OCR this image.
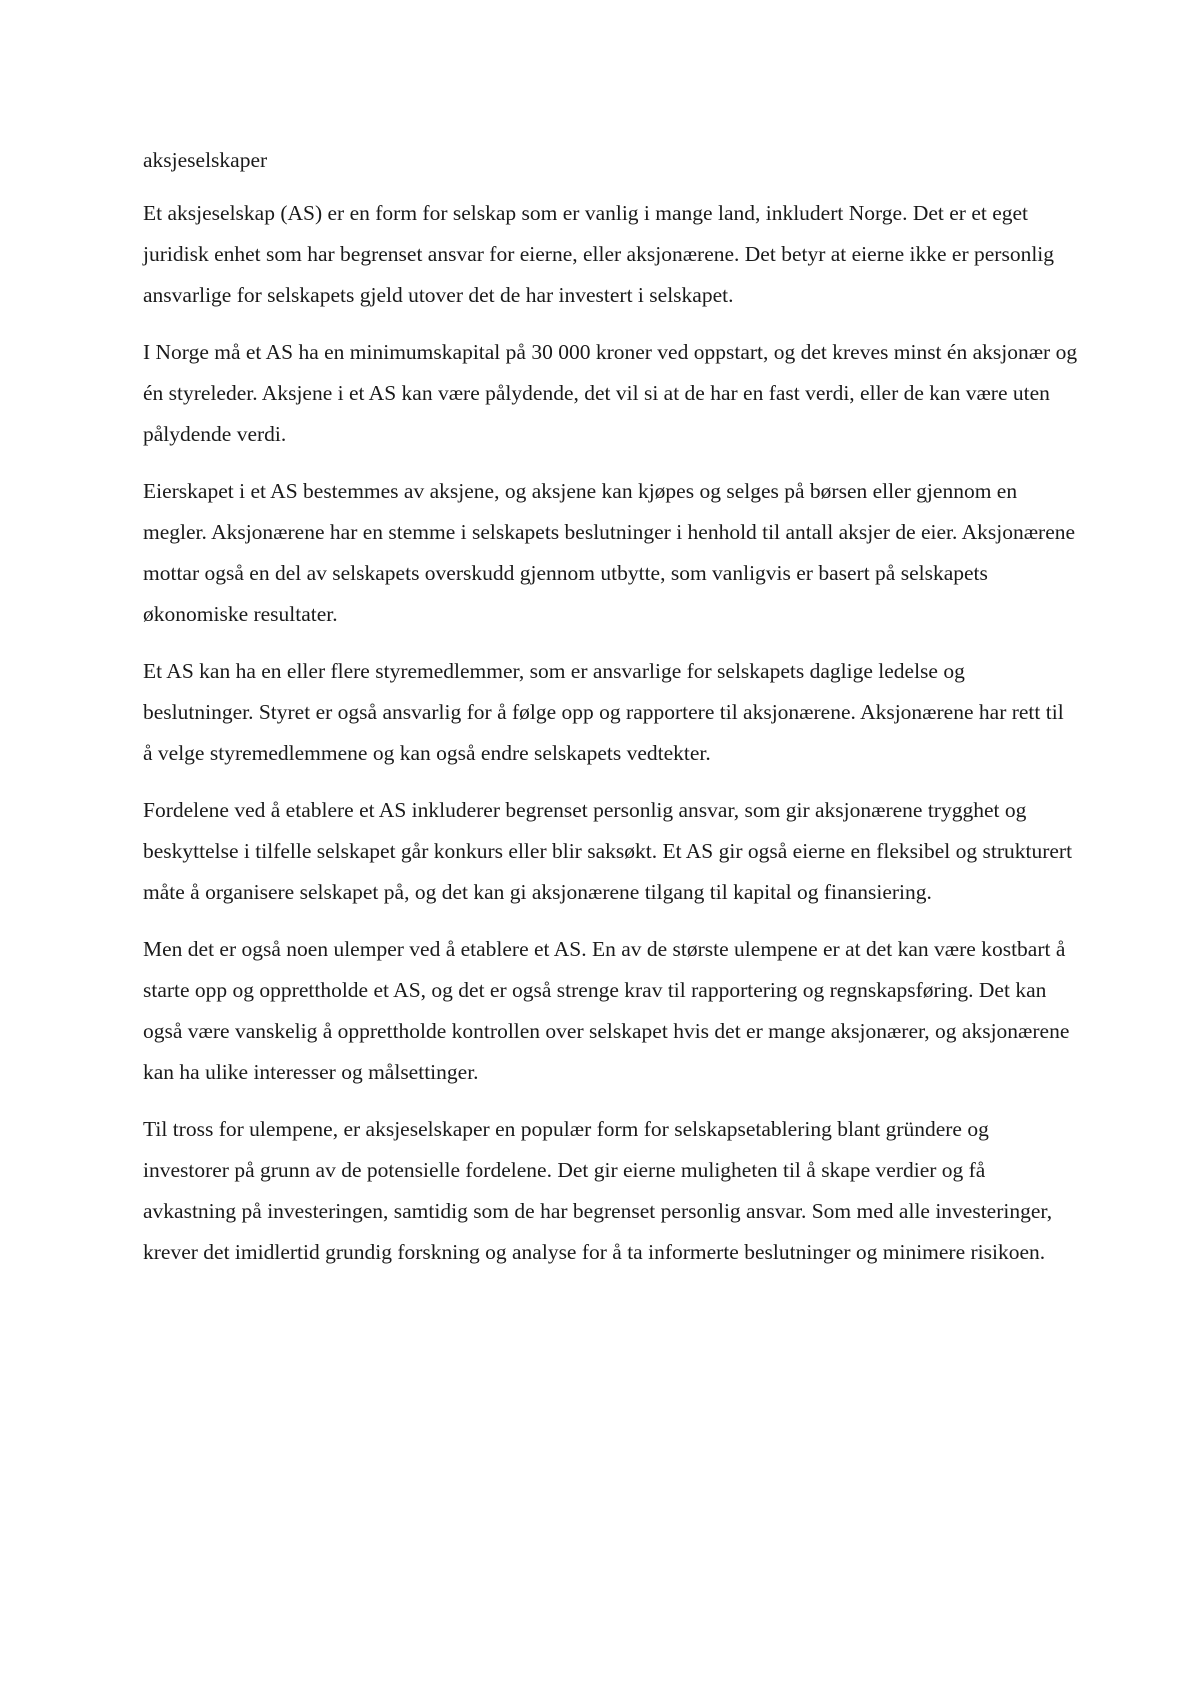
aksjeselskaper

Et aksjeselskap (AS) er en form for selskap som er vanlig i mange land, inkludert Norge. Det er et eget juridisk enhet som har begrenset ansvar for eierne, eller aksjonærene. Det betyr at eierne ikke er personlig ansvarlige for selskapets gjeld utover det de har investert i selskapet.

I Norge må et AS ha en minimumskapital på 30 000 kroner ved oppstart, og det kreves minst én aksjonær og én styreleder. Aksjene i et AS kan være pålydende, det vil si at de har en fast verdi, eller de kan være uten pålydende verdi.

Eierskapet i et AS bestemmes av aksjene, og aksjene kan kjøpes og selges på børsen eller gjennom en megler. Aksjonærene har en stemme i selskapets beslutninger i henhold til antall aksjer de eier. Aksjonærene mottar også en del av selskapets overskudd gjennom utbytte, som vanligvis er basert på selskapets økonomiske resultater.

Et AS kan ha en eller flere styremedlemmer, som er ansvarlige for selskapets daglige ledelse og beslutninger. Styret er også ansvarlig for å følge opp og rapportere til aksjonærene. Aksjonærene har rett til å velge styremedlemmene og kan også endre selskapets vedtekter.

Fordelene ved å etablere et AS inkluderer begrenset personlig ansvar, som gir aksjonærene trygghet og beskyttelse i tilfelle selskapet går konkurs eller blir saksøkt. Et AS gir også eierne en fleksibel og strukturert måte å organisere selskapet på, og det kan gi aksjonærene tilgang til kapital og finansiering.

Men det er også noen ulemper ved å etablere et AS. En av de største ulempene er at det kan være kostbart å starte opp og opprettholde et AS, og det er også strenge krav til rapportering og regnskapsføring. Det kan også være vanskelig å opprettholde kontrollen over selskapet hvis det er mange aksjonærer, og aksjonærene kan ha ulike interesser og målsettinger.

Til tross for ulempene, er aksjeselskaper en populær form for selskapsetablering blant gründere og investorer på grunn av de potensielle fordelene. Det gir eierne muligheten til å skape verdier og få avkastning på investeringen, samtidig som de har begrenset personlig ansvar. Som med alle investeringer, krever det imidlertid grundig forskning og analyse for å ta informerte beslutninger og minimere risikoen.
